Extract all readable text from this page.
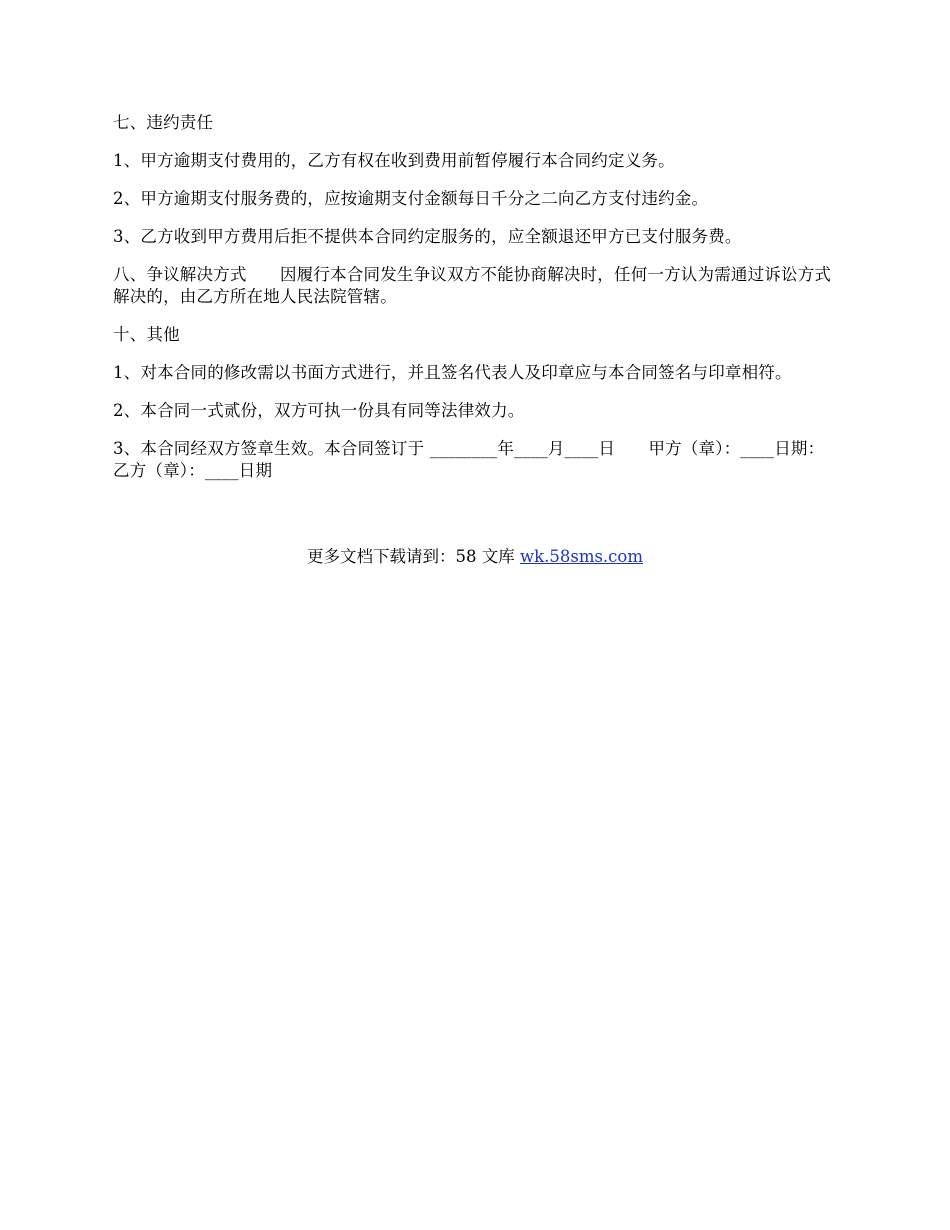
七、违约责任

1、甲方逾期支付费用的，乙方有权在收到费用前暂停履行本合同约定义务。

2、甲方逾期支付服务费的，应按逾期支付金额每日千分之二向乙方支付违约金。

3、乙方收到甲方费用后拒不提供本合同约定服务的，应全额退还甲方已支付服务费。

八、争议解决方式　　因履行本合同发生争议双方不能协商解决时，任何一方认为需通过诉讼方式解决的，由乙方所在地人民法院管辖。

十、其他

1、对本合同的修改需以书面方式进行，并且签名代表人及印章应与本合同签名与印章相符。

2、本合同一式贰份，双方可执一份具有同等法律效力。

3、本合同经双方签章生效。本合同签订于 ________年____月____日　　甲方（章）：____日期：　　乙方（章）：____日期

更多文档下载请到：58 文库 wk.58sms.com
